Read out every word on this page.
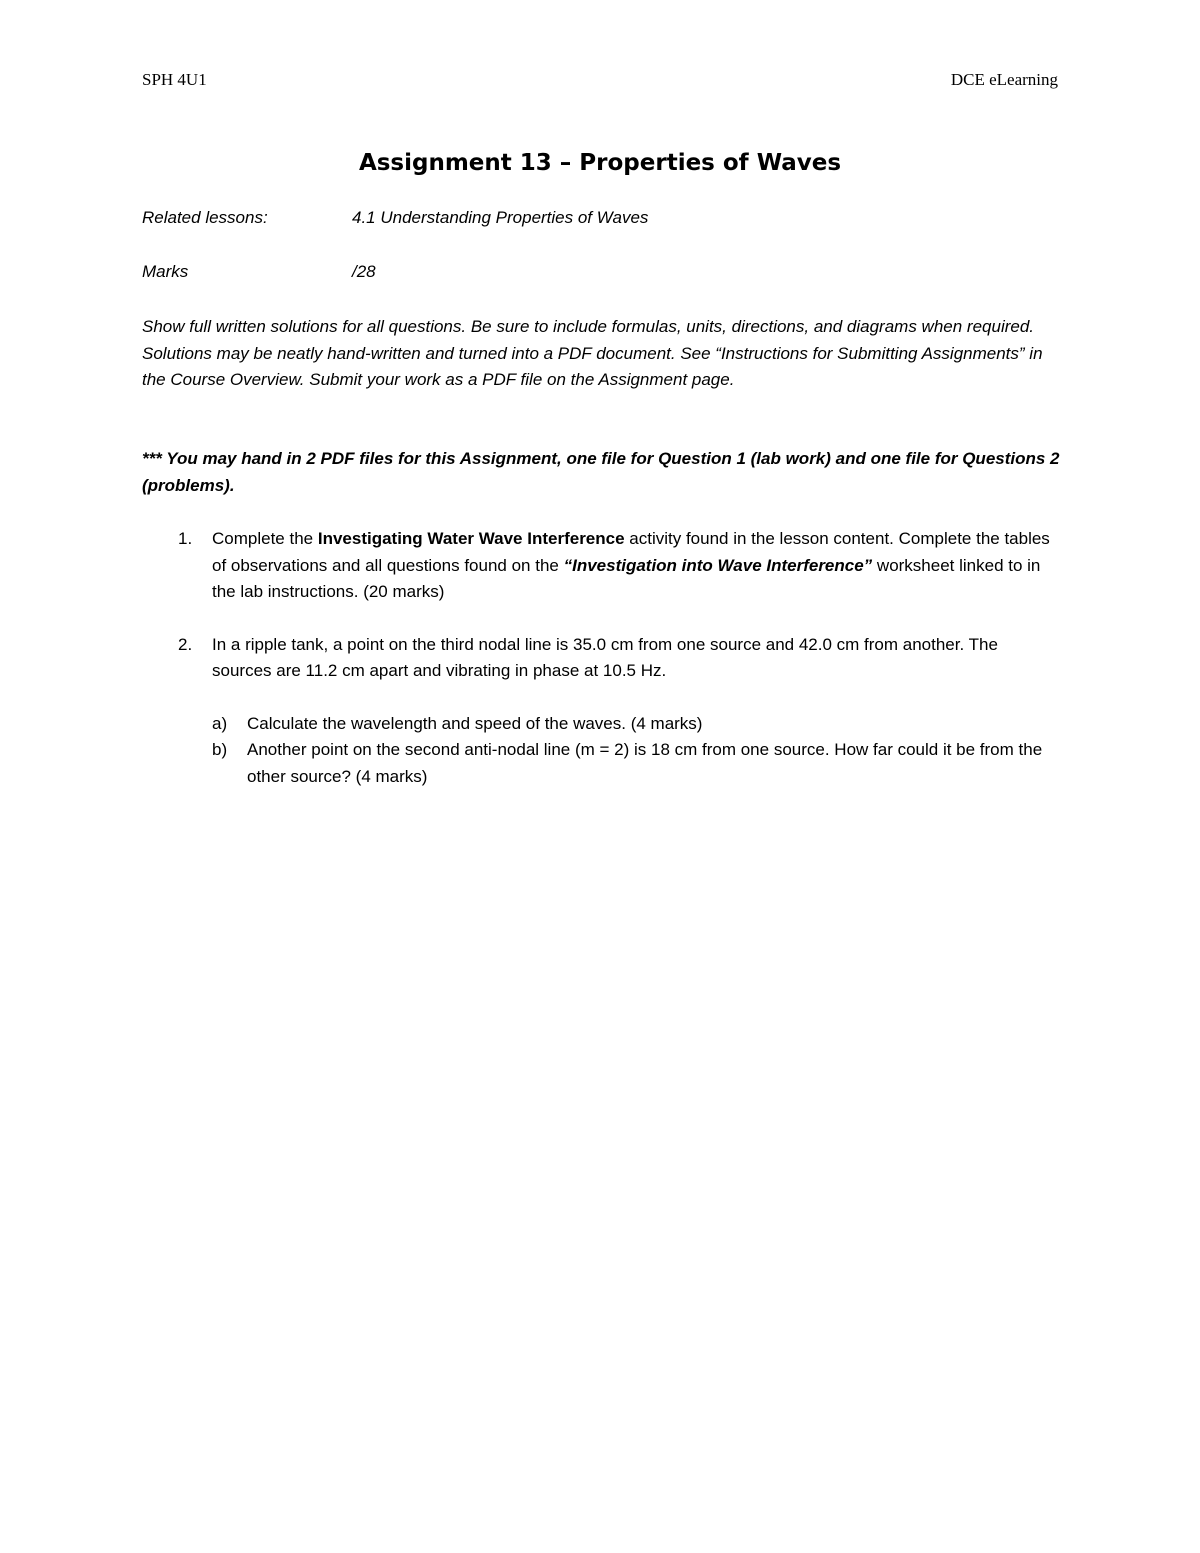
SPH 4U1	DCE eLearning
Assignment 13 – Properties of Waves
Related lessons:	4.1 Understanding Properties of Waves
Marks	/28
Show full written solutions for all questions. Be sure to include formulas, units, directions, and diagrams when required. Solutions may be neatly hand-written and turned into a PDF document. See “Instructions for Submitting Assignments” in the Course Overview. Submit your work as a PDF file on the Assignment page.
*** You may hand in 2 PDF files for this Assignment, one file for Question 1 (lab work) and one file for Questions 2 (problems).
1. Complete the Investigating Water Wave Interference activity found in the lesson content. Complete the tables of observations and all questions found on the “Investigation into Wave Interference” worksheet linked to in the lab instructions. (20 marks)
2. In a ripple tank, a point on the third nodal line is 35.0 cm from one source and 42.0 cm from another. The sources are 11.2 cm apart and vibrating in phase at 10.5 Hz.
a) Calculate the wavelength and speed of the waves. (4 marks)
b) Another point on the second anti-nodal line (m = 2) is 18 cm from one source. How far could it be from the other source? (4 marks)
